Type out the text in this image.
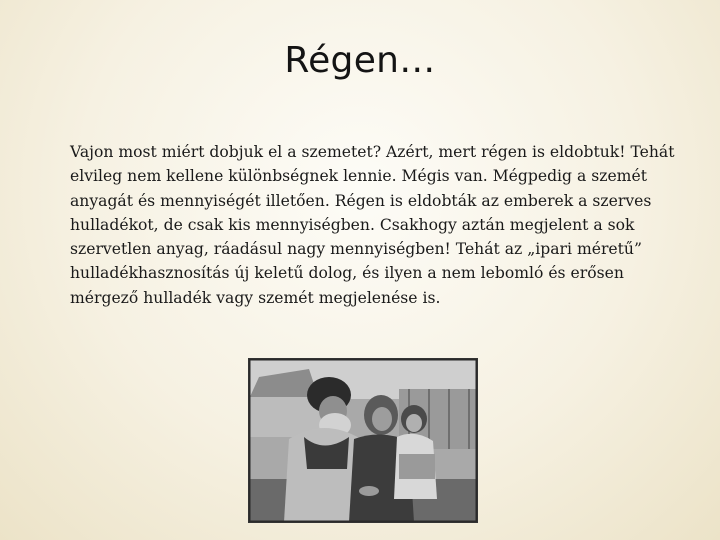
Régen…

Vajon most miért dobjuk el a szemetet? Azért, mert régen is eldobtuk! Tehát elvileg nem kellene különbségnek lennie. Mégis van. Mégpedig a szemét anyagát és mennyiségét illetően. Régen is eldobták az emberek a szerves hulladékot, de csak kis mennyiségben. Csakhogy aztán megjelent a sok szervetlen anyag, ráadásul nagy mennyiségben! Tehát az „ipari méretű” hulladékhasznosítás új keletű dolog, és ilyen a nem lebomló és erősen mérgező hulladék vagy szemét megjelenése is.
